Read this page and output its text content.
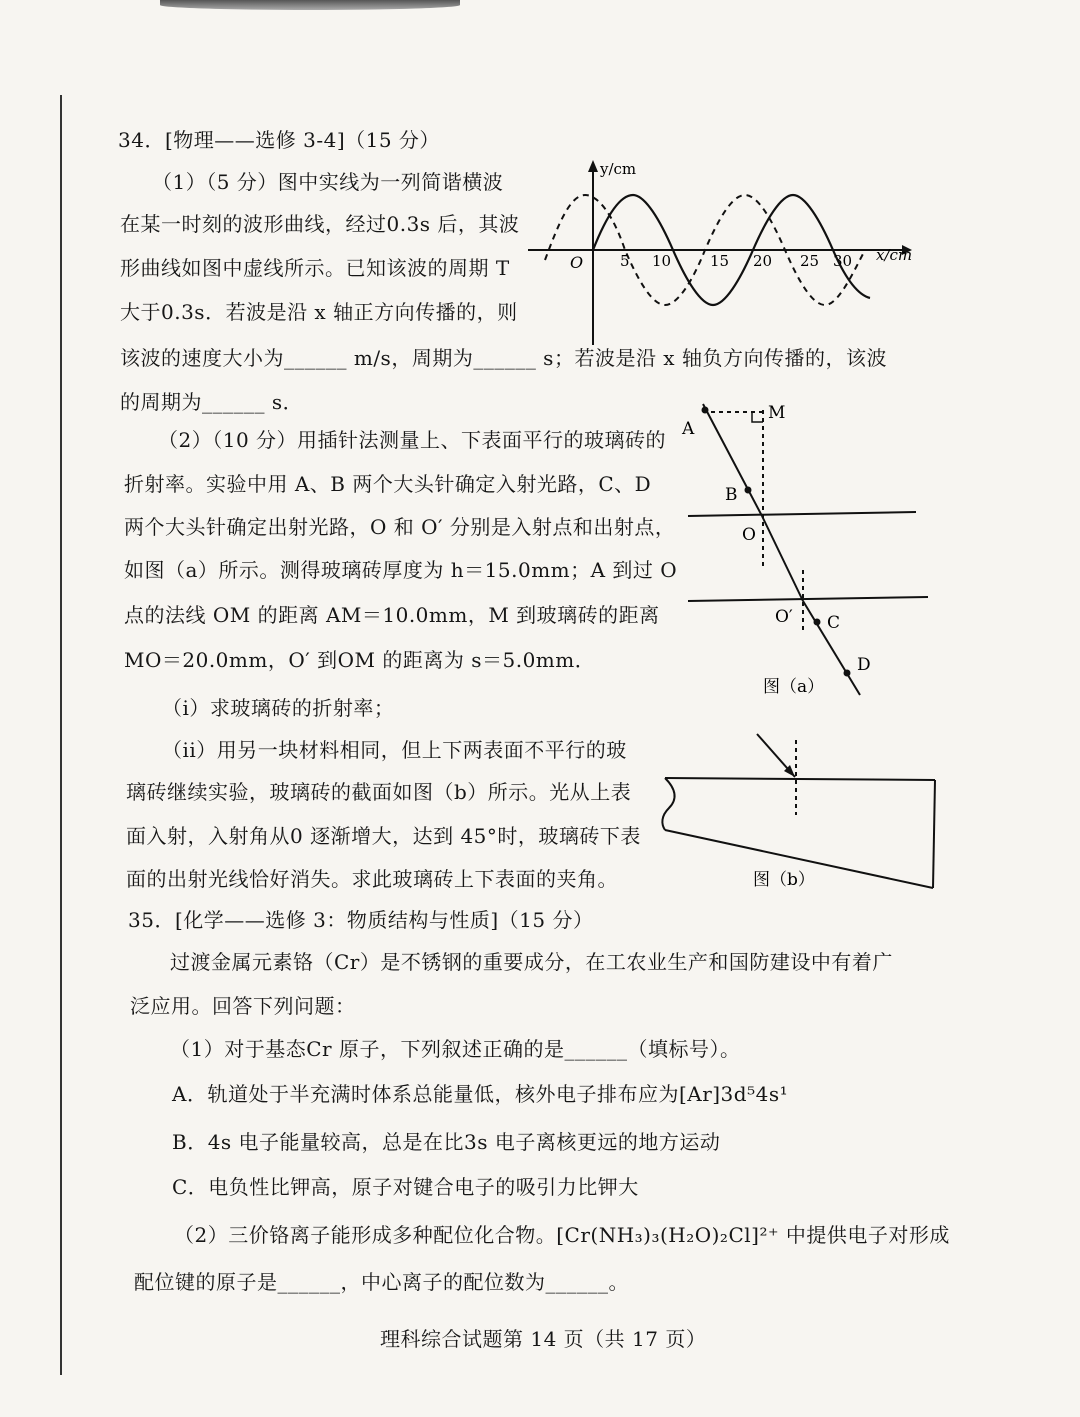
34．[物理——选修 3-4]（15 分）
（1）（5 分）图中实线为一列简谐横波
在某一时刻的波形曲线，经过0.3s 后，其波
形曲线如图中虚线所示。已知该波的周期 T
大于0.3s．若波是沿 x 轴正方向传播的，则
该波的速度大小为______ m/s，周期为______ s；若波是沿 x 轴负方向传播的，该波
的周期为______ s．
（2）（10 分）用插针法测量上、下表面平行的玻璃砖的
折射率。实验中用 A、B 两个大头针确定入射光路，C、D
两个大头针确定出射光路，O 和 O′ 分别是入射点和出射点，
如图（a）所示。测得玻璃砖厚度为 h＝15.0mm；A 到过 O
点的法线 OM 的距离 AM＝10.0mm，M 到玻璃砖的距离
MO＝20.0mm，O′ 到OM 的距离为 s＝5.0mm．
（i）求玻璃砖的折射率；
（ii）用另一块材料相同，但上下两表面不平行的玻
璃砖继续实验，玻璃砖的截面如图（b）所示。光从上表
面入射，入射角从0 逐渐增大，达到 45°时，玻璃砖下表
面的出射光线恰好消失。求此玻璃砖上下表面的夹角。
y/cm
x/cm
O 5 10	15 20 25 30
A
M
B
O
O′ C
D
图（a）
图（b）
35．[化学——选修 3：物质结构与性质]（15 分）
过渡金属元素铬（Cr）是不锈钢的重要成分，在工农业生产和国防建设中有着广
泛应用。回答下列问题：
（1）对于基态Cr 原子，下列叙述正确的是______（填标号）。
A．轨道处于半充满时体系总能量低，核外电子排布应为[Ar]3d⁵4s¹
B．4s 电子能量较高，总是在比3s 电子离核更远的地方运动
C．电负性比钾高，原子对键合电子的吸引力比钾大
（2）三价铬离子能形成多种配位化合物。[Cr(NH₃)₃(H₂O)₂Cl]²⁺ 中提供电子对形成
配位键的原子是______，中心离子的配位数为______。
理科综合试题第 14 页（共 17 页）
